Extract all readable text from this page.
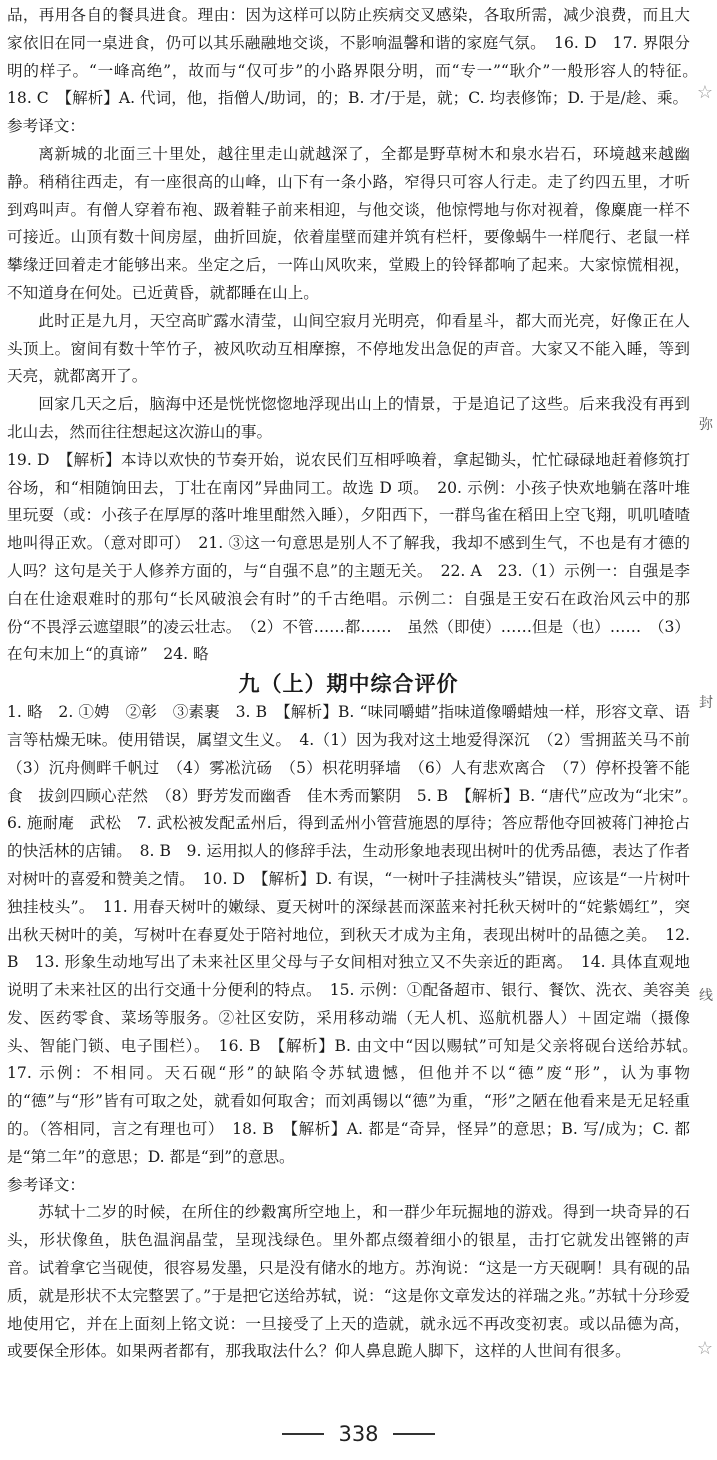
品，再用各自的餐具进食。理由：因为这样可以防止疾病交叉感染，各取所需，减少浪费，而且大家依旧在同一桌进食，仍可以其乐融融地交谈，不影响温馨和谐的家庭气氛。　16. D　17. 界限分明的样子。“一峰高绝”，故而与“仅可步”的小路界限分明，而“专一”“耿介”一般形容人的特征。　18. C　【解析】A. 代词，他，指僧人/助词，的；B. 才/于是，就；C. 均表修饰；D. 于是/趁、乘。

参考译文：

离新城的北面三十里处，越往里走山就越深了，全都是野草树木和泉水岩石，环境越来越幽静。稍稍往西走，有一座很高的山峰，山下有一条小路，窄得只可容人行走。走了约四五里，才听到鸡叫声。有僧人穿着布袍、趿着鞋子前来相迎，与他交谈，他惊愕地与你对视着，像麋鹿一样不可接近。山顶有数十间房屋，曲折回旋，依着崖壁而建并筑有栏杆，要像蜗牛一样爬行、老鼠一样攀缘迂回着走才能够出来。坐定之后，一阵山风吹来，堂殿上的铃铎都响了起来。大家惊慌相视，不知道身在何处。已近黄昏，就都睡在山上。

此时正是九月，天空高旷露水清莹，山间空寂月光明亮，仰看星斗，都大而光亮，好像正在人头顶上。窗间有数十竿竹子，被风吹动互相摩擦，不停地发出急促的声音。大家又不能入睡，等到天亮，就都离开了。

回家几天之后，脑海中还是恍恍惚惚地浮现出山上的情景，于是追记了这些。后来我没有再到北山去，然而往往想起这次游山的事。

19. D　【解析】本诗以欢快的节奏开始，说农民们互相呼唤着，拿起锄头，忙忙碌碌地赶着修筑打谷场，和“相随饷田去，丁壮在南冈”异曲同工。故选 D 项。　20. 示例：小孩子快欢地躺在落叶堆里玩耍（或：小孩子在厚厚的落叶堆里酣然入睡），夕阳西下，一群鸟雀在稻田上空飞翔，叽叽喳喳地叫得正欢。（意对即可）　21. ③这一句意思是别人不了解我，我却不感到生气，不也是有才德的人吗？这句是关于人修养方面的，与“自强不息”的主题无关。　22. A　23.（1）示例一：自强是李白在仕途艰难时的那句“长风破浪会有时”的千古绝唱。示例二：自强是王安石在政治风云中的那份“不畏浮云遮望眼”的凌云壮志。　（2）不管……都……　虽然（即使）……但是（也）……　（3）在句末加上“的真谛”　24. 略

九（上）期中综合评价

1. 略　2. ①娉　②彰　③素裹　3. B　【解析】B. “味同嚼蜡”指味道像嚼蜡烛一样，形容文章、语言等枯燥无味。使用错误，属望文生义。　4.（1）因为我对这土地爱得深沉　（2）雪拥蓝关马不前　（3）沉舟侧畔千帆过　（4）雾凇沆砀　（5）枳花明驿墙　（6）人有悲欢离合　（7）停杯投箸不能食　拔剑四顾心茫然　（8）野芳发而幽香　佳木秀而繁阴　5. B　【解析】B. “唐代”应改为“北宋”。　6. 施耐庵　武松　7. 武松被发配孟州后，得到孟州小管营施恩的厚待；答应帮他夺回被蒋门神抢占的快活林的店铺。　8. B　9. 运用拟人的修辞手法，生动形象地表现出树叶的优秀品德，表达了作者对树叶的喜爱和赞美之情。　10. D　【解析】D. 有误，“一树叶子挂满枝头”错误，应该是“一片树叶独挂枝头”。　11. 用春天树叶的嫩绿、夏天树叶的深绿甚而深蓝来衬托秋天树叶的“姹紫嫣红”，突出秋天树叶的美，写树叶在春夏处于陪衬地位，到秋天才成为主角，表现出树叶的品德之美。　12. B　13. 形象生动地写出了未来社区里父母与子女间相对独立又不失亲近的距离。　14. 具体直观地说明了未来社区的出行交通十分便利的特点。　15. 示例：①配备超市、银行、餐饮、洗衣、美容美发、医药零食、菜场等服务。②社区安防，采用移动端（无人机、巡航机器人）＋固定端（摄像头、智能门锁、电子围栏）。　16. B　【解析】B. 由文中“因以赐轼”可知是父亲将砚台送给苏轼。　17. 示例：不相同。天石砚“形”的缺陷令苏轼遗憾，但他并不以“德”废“形”，认为事物的“德”与“形”皆有可取之处，就看如何取舍；而刘禹锡以“德”为重，“形”之陋在他看来是无足轻重的。（答相同，言之有理也可）　18. B　【解析】A. 都是“奇异，怪异”的意思；B. 写/成为；C. 都是“第二年”的意思；D. 都是“到”的意思。

参考译文：

苏轼十二岁的时候，在所住的纱縠寓所空地上，和一群少年玩掘地的游戏。得到一块奇异的石头，形状像鱼，肤色温润晶莹，呈现浅绿色。里外都点缀着细小的银星，击打它就发出铿锵的声音。试着拿它当砚使，很容易发墨，只是没有储水的地方。苏洵说：“这是一方天砚啊！具有砚的品质，就是形状不太完整罢了。”于是把它送给苏轼，说：“这是你文章发达的祥瑞之兆。”苏轼十分珍爱地使用它，并在上面刻上铭文说：一旦接受了上天的造就，就永远不再改变初衷。或以品德为高，或要保全形体。如果两者都有，那我取法什么？仰人鼻息跪人脚下，这样的人世间有很多。

☆
弥
封
线
☆
338
